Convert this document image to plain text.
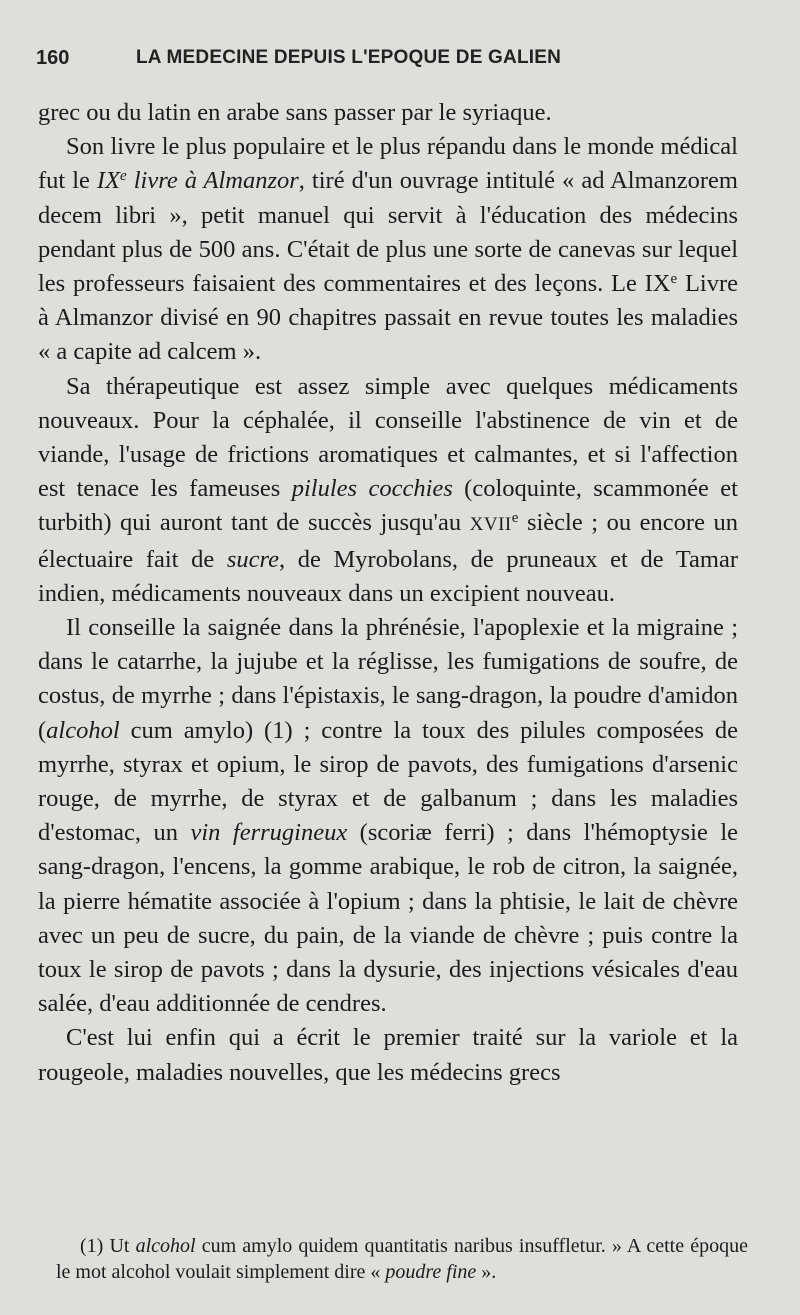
160	LA MEDECINE DEPUIS L'EPOQUE DE GALIEN

grec ou du latin en arabe sans passer par le syriaque.

Son livre le plus populaire et le plus répandu dans le monde médical fut le IXe livre à Almanzor, tiré d'un ouvrage intitulé « ad Almanzorem decem libri », petit manuel qui servit à l'éducation des médecins pendant plus de 500 ans. C'était de plus une sorte de canevas sur lequel les professeurs faisaient des commentaires et des leçons. Le IXe Livre à Almanzor divisé en 90 chapitres passait en revue toutes les maladies « a capite ad calcem ».

Sa thérapeutique est assez simple avec quelques médicaments nouveaux. Pour la céphalée, il conseille l'abstinence de vin et de viande, l'usage de frictions aromatiques et calmantes, et si l'affection est tenace les fameuses pilules cocchies (coloquinte, scammonée et turbith) qui auront tant de succès jusqu'au XVIIe siècle ; ou encore un électuaire fait de sucre, de Myrobolans, de pruneaux et de Tamar indien, médicaments nouveaux dans un excipient nouveau.

Il conseille la saignée dans la phrénésie, l'apoplexie et la migraine ; dans le catarrhe, la jujube et la réglisse, les fumigations de soufre, de costus, de myrrhe ; dans l'épistaxis, le sang-dragon, la poudre d'amidon (alcohol cum amylo) (1) ; contre la toux des pilules composées de myrrhe, styrax et opium, le sirop de pavots, des fumigations d'arsenic rouge, de myrrhe, de styrax et de galbanum ; dans les maladies d'estomac, un vin ferrugineux (scoriæ ferri) ; dans l'hémoptysie le sang-dragon, l'encens, la gomme arabique, le rob de citron, la saignée, la pierre hématite associée à l'opium ; dans la phtisie, le lait de chèvre avec un peu de sucre, du pain, de la viande de chèvre ; puis contre la toux le sirop de pavots ; dans la dysurie, des injections vésicales d'eau salée, d'eau additionnée de cendres.

C'est lui enfin qui a écrit le premier traité sur la variole et la rougeole, maladies nouvelles, que les médecins grecs

(1) Ut alcohol cum amylo quidem quantitatis naribus insuffletur. » A cette époque le mot alcohol voulait simplement dire « poudre fine ».
